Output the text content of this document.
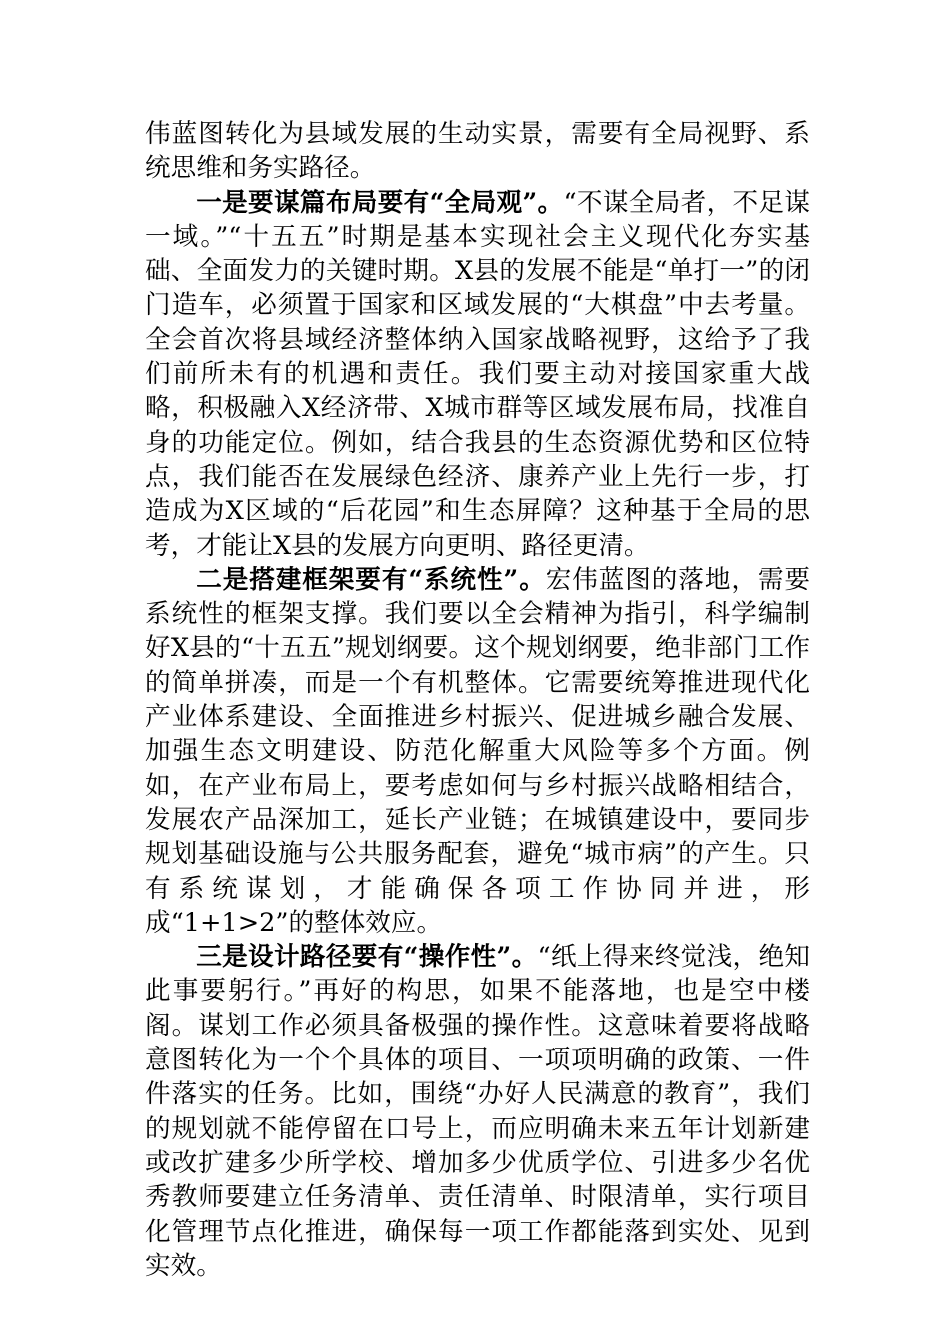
伟蓝图转化为县域发展的生动实景，需要有全局视野、系统思维和务实路径。

一是要谋篇布局要有“全局观”。“不谋全局者，不足谋一域。”“十五五”时期是基本实现社会主义现代化夯实基础、全面发力的关键时期。X县的发展不能是“单打一”的闭门造车，必须置于国家和区域发展的“大棋盘”中去考量。全会首次将县域经济整体纳入国家战略视野，这给予了我们前所未有的机遇和责任。我们要主动对接国家重大战略，积极融入X经济带、X城市群等区域发展布局，找准自身的功能定位。例如，结合我县的生态资源优势和区位特点，我们能否在发展绿色经济、康养产业上先行一步，打造成为X区域的“后花园”和生态屏障？这种基于全局的思考，才能让X县的发展方向更明、路径更清。

二是搭建框架要有“系统性”。宏伟蓝图的落地，需要系统性的框架支撑。我们要以全会精神为指引，科学编制好X县的“十五五”规划纲要。这个规划纲要，绝非部门工作的简单拼凑，而是一个有机整体。它需要统筹推进现代化产业体系建设、全面推进乡村振兴、促进城乡融合发展、加强生态文明建设、防范化解重大风险等多个方面。例如，在产业布局上，要考虑如何与乡村振兴战略相结合，发展农产品深加工，延长产业链；在城镇建设中，要同步规划基础设施与公共服务配套，避免“城市病”的产生。只有系统谋划，才能确保各项工作协同并进，形成“1+1>2”的整体效应。

三是设计路径要有“操作性”。“纸上得来终觉浅，绝知此事要躬行。”再好的构思，如果不能落地，也是空中楼阁。谋划工作必须具备极强的操作性。这意味着要将战略意图转化为一个个具体的项目、一项项明确的政策、一件件落实的任务。比如，围绕“办好人民满意的教育”，我们的规划就不能停留在口号上，而应明确未来五年计划新建或改扩建多少所学校、增加多少优质学位、引进多少名优秀教师要建立任务清单、责任清单、时限清单，实行项目化管理节点化推进，确保每一项工作都能落到实处、见到实效。
